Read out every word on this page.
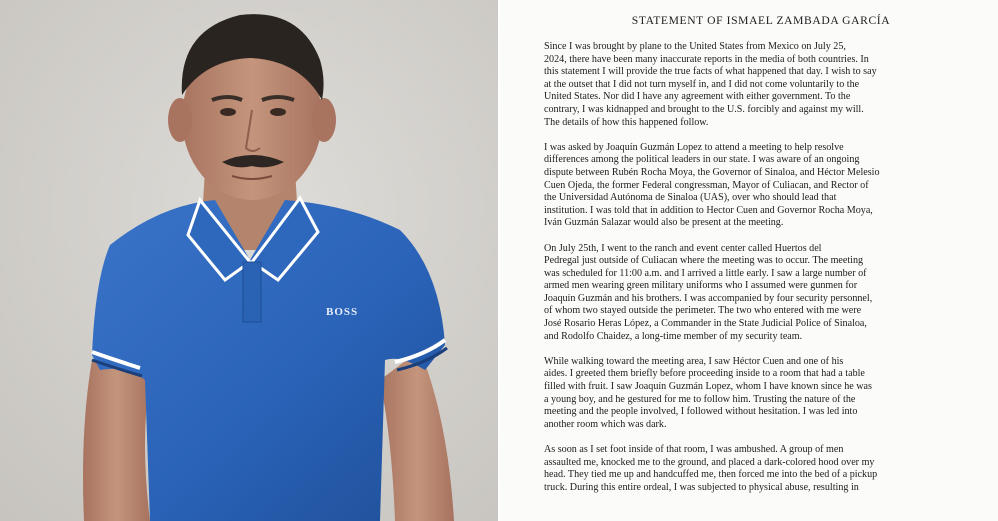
BOSS
STATEMENT OF ISMAEL ZAMBADA GARCÍA
Since I was brought by plane to the United States from Mexico on July 25,
2024, there have been many inaccurate reports in the media of both countries. In
this statement I will provide the true facts of what happened that day. I wish to say
at the outset that I did not turn myself in, and I did not come voluntarily to the
United States. Nor did I have any agreement with either government. To the
contrary, I was kidnapped and brought to the U.S. forcibly and against my will.
The details of how this happened follow.
I was asked by Joaquín Guzmán Lopez to attend a meeting to help resolve
differences among the political leaders in our state. I was aware of an ongoing
dispute between Rubén Rocha Moya, the Governor of Sinaloa, and Héctor Melesio
Cuen Ojeda, the former Federal congressman, Mayor of Culiacan, and Rector of
the Universidad Autónoma de Sinaloa (UAS), over who should lead that
institution. I was told that in addition to Hector Cuen and Governor Rocha Moya,
Iván Guzmán Salazar would also be present at the meeting.
On July 25th, I went to the ranch and event center called Huertos del
Pedregal just outside of Culiacan where the meeting was to occur. The meeting
was scheduled for 11:00 a.m. and I arrived a little early. I saw a large number of
armed men wearing green military uniforms who I assumed were gunmen for
Joaquín Guzmán and his brothers. I was accompanied by four security personnel,
of whom two stayed outside the perimeter. The two who entered with me were
José Rosario Heras López, a Commander in the State Judicial Police of Sinaloa,
and Rodolfo Chaidez, a long-time member of my security team.
While walking toward the meeting area, I saw Héctor Cuen and one of his
aides. I greeted them briefly before proceeding inside to a room that had a table
filled with fruit. I saw Joaquín Guzmán Lopez, whom I have known since he was
a young boy, and he gestured for me to follow him. Trusting the nature of the
meeting and the people involved, I followed without hesitation. I was led into
another room which was dark.
As soon as I set foot inside of that room, I was ambushed. A group of men
assaulted me, knocked me to the ground, and placed a dark-colored hood over my
head. They tied me up and handcuffed me, then forced me into the bed of a pickup
truck. During this entire ordeal, I was subjected to physical abuse, resulting in
